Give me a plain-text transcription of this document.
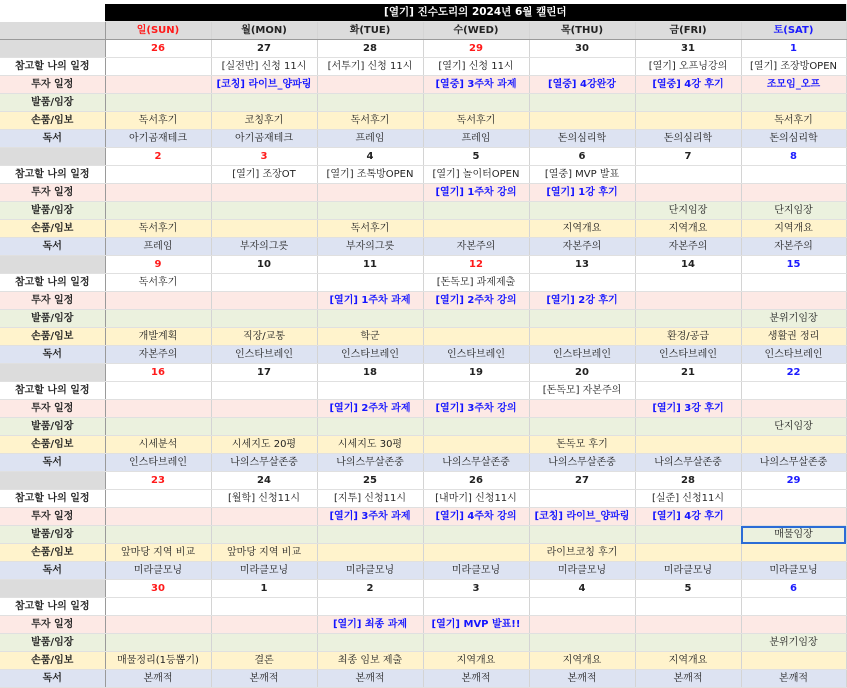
	[열기] 진수도리의 2024년 6월 캘린더						
	일(SUN)	월(MON)	화(TUE)	수(WED)	목(THU)	금(FRI)	토(SAT)
	26	27	28	29	30	31	1
참고할 나의 일정		[실전반] 신청 11시	[서투기] 신청 11시	[열기] 신청 11시		[열기] 오프닝강의	[열기] 조장방OPEN
투자 일정		[코칭] 라이브_양파링		[열중] 3주차 과제	[열중] 4강완강	[열중] 4강 후기	조모임_오프
발품/임장							
손품/임보	독서후기	코칭후기	독서후기	독서후기			독서후기
독서	아기곰재테크	아기곰재테크	프레임	프레임	돈의심리학	돈의심리학	돈의심리학
	2	3	4	5	6	7	8
참고할 나의 일정		[열기] 조장OT	[열기] 조톡방OPEN	[열기] 놀이터OPEN	[열중] MVP 발표		
투자 일정				[열기] 1주차 강의	[열기] 1강 후기		
발품/임장						단지임장	단지임장
손품/임보	독서후기		독서후기		지역개요	지역개요	지역개요
독서	프레임	부자의그릇	부자의그릇	자본주의	자본주의	자본주의	자본주의
	9	10	11	12	13	14	15
참고할 나의 일정	독서후기			[돈독모] 과제제출			
투자 일정			[열기] 1주차 과제	[열기] 2주차 강의	[열기] 2강 후기		
발품/임장							분위기임장
손품/임보	개발계획	직장/교통	학군			환경/공급	생활권 정리
독서	자본주의	인스타브레인	인스타브레인	인스타브레인	인스타브레인	인스타브레인	인스타브레인
	16	17	18	19	20	21	22
참고할 나의 일정					[돈독모] 자본주의		
투자 일정			[열기] 2주차 과제	[열기] 3주차 강의		[열기] 3강 후기	
발품/임장							단지임장
손품/임보	시세분석	시세지도 20평	시세지도 30평		돈독모 후기		
독서	인스타브레인	나의스무살존중	나의스무살존중	나의스무살존중	나의스무살존중	나의스무살존중	나의스무살존중
	23	24	25	26	27	28	29
참고할 나의 일정		[월학] 신청11시	[지투] 신청11시	[내마기] 신청11시		[실준] 신청11시	
투자 일정			[열기] 3주차 과제	[열기] 4주차 강의	[코칭] 라이브_양파링	[열기] 4강 후기	
발품/임장							매물임장
손품/임보	앞마당 지역 비교	앞마당 지역 비교			라이브코칭 후기		
독서	미라클모닝	미라클모닝	미라클모닝	미라클모닝	미라클모닝	미라클모닝	미라클모닝
	30	1	2	3	4	5	6
참고할 나의 일정							
투자 일정			[열기] 최종 과제	[열기] MVP 발표!!			
발품/임장							분위기임장
손품/임보	매물정리(1등뽑기)	결론	최종 임보 제출	지역개요	지역개요	지역개요	
독서	본깨적	본깨적	본깨적	본깨적	본깨적	본깨적	본깨적
